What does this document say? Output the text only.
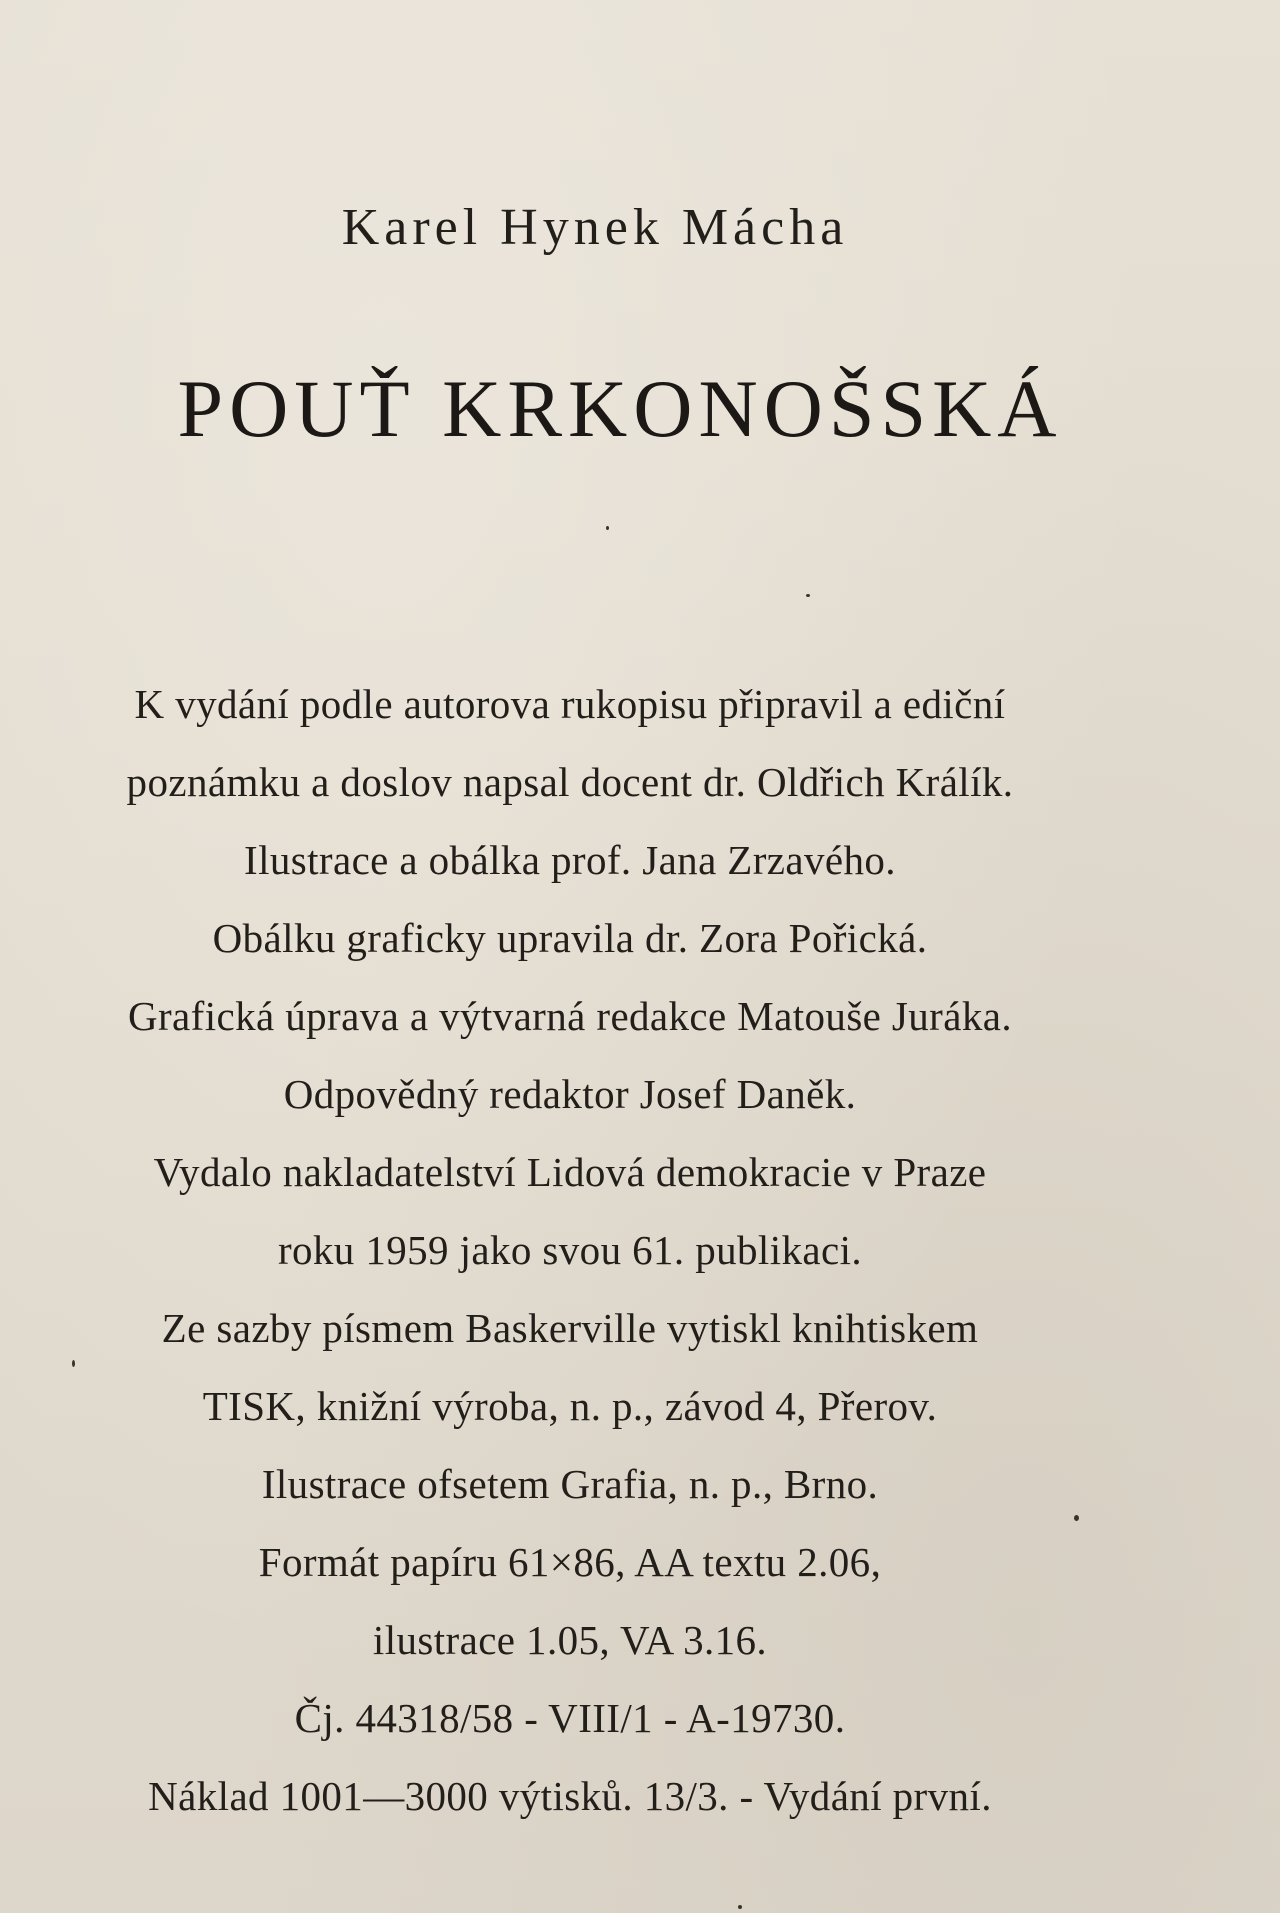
Karel Hynek Mácha
POUŤ KRKONOŠSKÁ
K vydání podle autorova rukopisu připravil a ediční
poznámku a doslov napsal docent dr. Oldřich Králík.
Ilustrace a obálka prof. Jana Zrzavého.
Obálku graficky upravila dr. Zora Pořická.
Grafická úprava a výtvarná redakce Matouše Juráka.
Odpovědný redaktor Josef Daněk.
Vydalo nakladatelství Lidová demokracie v Praze
roku 1959 jako svou 61. publikaci.
Ze sazby písmem Baskerville vytiskl knihtiskem
TISK, knižní výroba, n. p., závod 4, Přerov.
Ilustrace ofsetem Grafia, n. p., Brno.
Formát papíru 61×86, AA textu 2.06,
ilustrace 1.05, VA 3.16.
Čj. 44318/58 - VIII/1 - A-19730.
Náklad 1001—3000 výtisků. 13/3. - Vydání první.
